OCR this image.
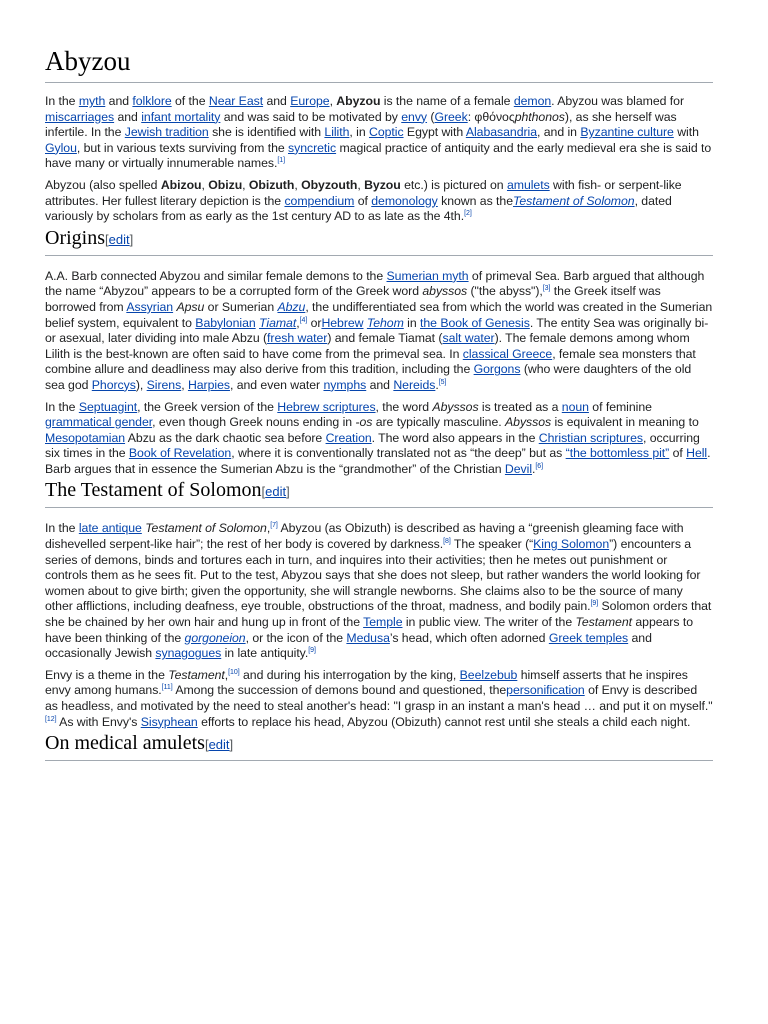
Abyzou

In the myth and folklore of the Near East and Europe, Abyzou is the name of a female demon. Abyzou was blamed for miscarriages and infant mortality and was said to be motivated by envy (Greek: φθόνοςphthonos), as she herself was infertile. In the Jewish tradition she is identified with Lilith, in Coptic Egypt with Alabasandria, and in Byzantine culture with Gylou, but in various texts surviving from the syncretic magical practice of antiquity and the early medieval era she is said to have many or virtually innumerable names.[1]

Abyzou (also spelled Abizou, Obizu, Obizuth, Obyzouth, Byzou etc.) is pictured on amulets with fish- or serpent-like attributes. Her fullest literary depiction is the compendium of demonology known as theTestament of Solomon, dated variously by scholars from as early as the 1st century AD to as late as the 4th.[2]

Origins[edit]

A.A. Barb connected Abyzou and similar female demons to the Sumerian myth of primeval Sea. Barb argued that although the name “Abyzou” appears to be a corrupted form of the Greek word abyssos ("the abyss"),[3] the Greek itself was borrowed from Assyrian Apsu or Sumerian Abzu, the undifferentiated sea from which the world was created in the Sumerian belief system, equivalent to Babylonian Tiamat,[4] orHebrew Tehom in the Book of Genesis. The entity Sea was originally bi- or asexual, later dividing into male Abzu (fresh water) and female Tiamat (salt water). The female demons among whom Lilith is the best-known are often said to have come from the primeval sea. In classical Greece, female sea monsters that combine allure and deadliness may also derive from this tradition, including the Gorgons (who were daughters of the old sea god Phorcys), Sirens, Harpies, and even water nymphs and Nereids.[5]

In the Septuagint, the Greek version of the Hebrew scriptures, the word Abyssos is treated as a noun of feminine grammatical gender, even though Greek nouns ending in -os are typically masculine. Abyssos is equivalent in meaning to Mesopotamian Abzu as the dark chaotic sea before Creation. The word also appears in the Christian scriptures, occurring six times in the Book of Revelation, where it is conventionally translated not as “the deep” but as “the bottomless pit” of Hell. Barb argues that in essence the Sumerian Abzu is the “grandmother” of the Christian Devil.[6]

The Testament of Solomon[edit]

In the late antique Testament of Solomon,[7] Abyzou (as Obizuth) is described as having a “greenish gleaming face with dishevelled serpent-like hair”; the rest of her body is covered by darkness.[8] The speaker (“King Solomon”) encounters a series of demons, binds and tortures each in turn, and inquires into their activities; then he metes out punishment or controls them as he sees fit. Put to the test, Abyzou says that she does not sleep, but rather wanders the world looking for women about to give birth; given the opportunity, she will strangle newborns. She claims also to be the source of many other afflictions, including deafness, eye trouble, obstructions of the throat, madness, and bodily pain.[9] Solomon orders that she be chained by her own hair and hung up in front of the Temple in public view. The writer of the Testament appears to have been thinking of the gorgoneion, or the icon of the Medusa’s head, which often adorned Greek temples and occasionally Jewish synagogues in late antiquity.[9]

Envy is a theme in the Testament,[10] and during his interrogation by the king, Beelzebub himself asserts that he inspires envy among humans.[11] Among the succession of demons bound and questioned, thepersonification of Envy is described as headless, and motivated by the need to steal another's head: "I grasp in an instant a man's head … and put it on myself."[12] As with Envy's Sisyphean efforts to replace his head, Abyzou (Obizuth) cannot rest until she steals a child each night.

On medical amulets[edit]
